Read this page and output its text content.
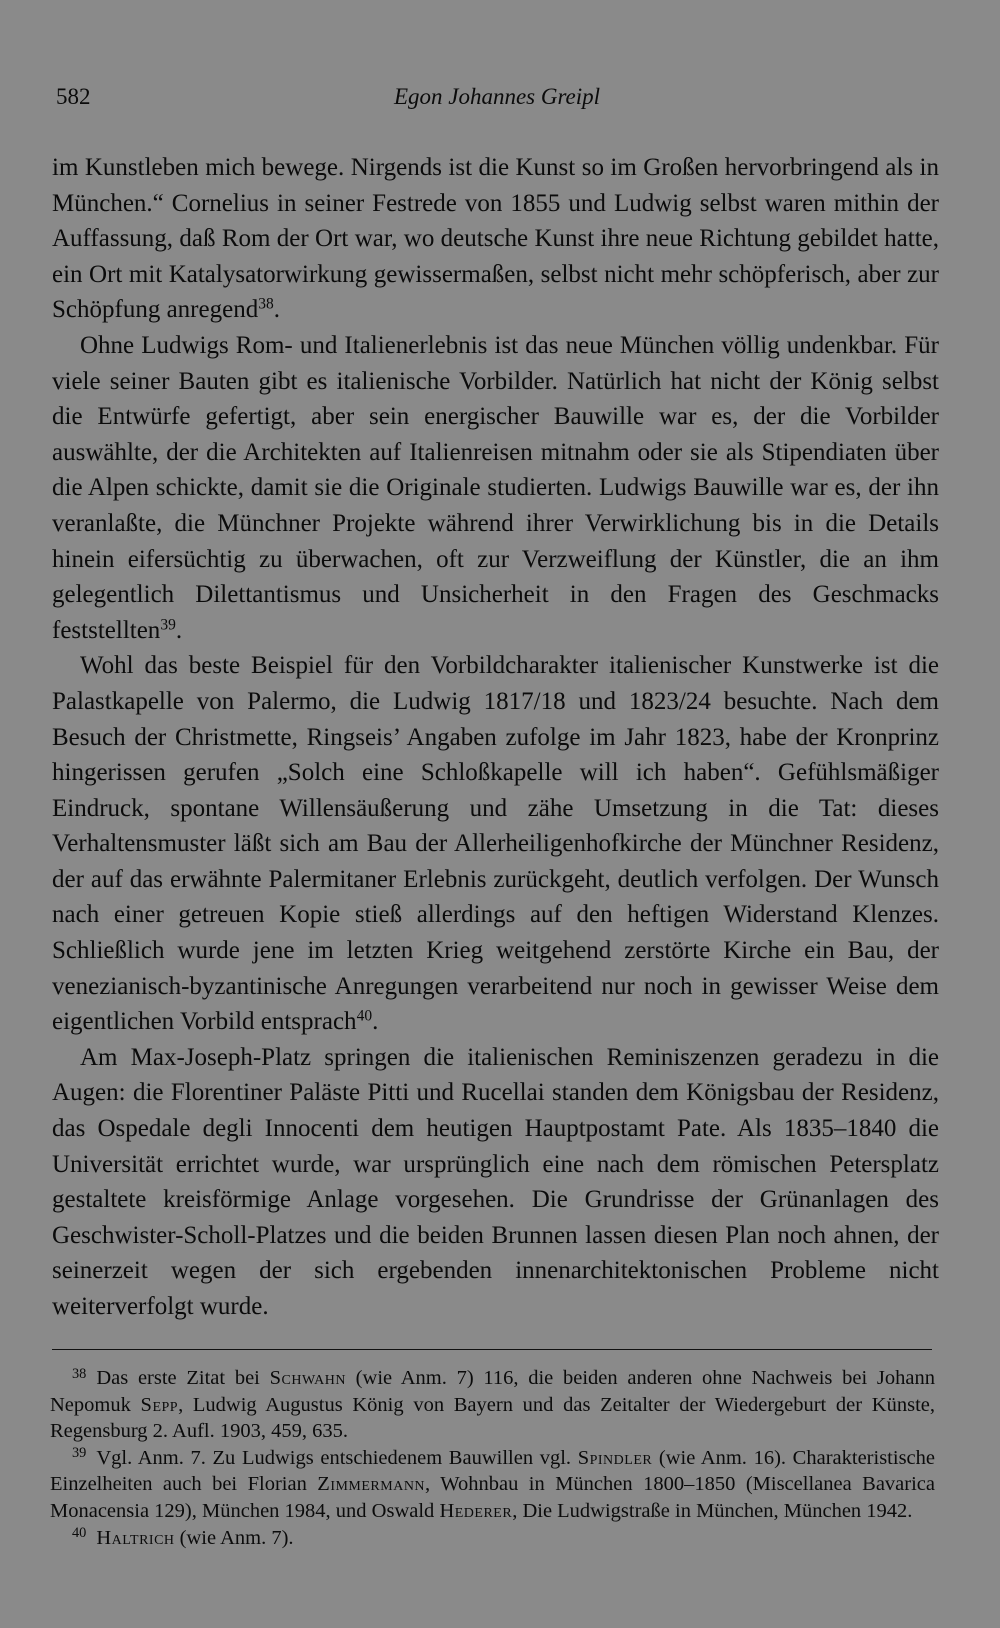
582	Egon Johannes Greipl

im Kunstleben mich bewege. Nirgends ist die Kunst so im Großen hervorbringend als in München.“ Cornelius in seiner Festrede von 1855 und Ludwig selbst waren mithin der Auffassung, daß Rom der Ort war, wo deutsche Kunst ihre neue Richtung gebildet hatte, ein Ort mit Katalysatorwirkung gewissermaßen, selbst nicht mehr schöpferisch, aber zur Schöpfung anregend$^{38}$.

Ohne Ludwigs Rom- und Italienerlebnis ist das neue München völlig undenkbar. Für viele seiner Bauten gibt es italienische Vorbilder. Natürlich hat nicht der König selbst die Entwürfe gefertigt, aber sein energischer Bauwille war es, der die Vorbilder auswählte, der die Architekten auf Italienreisen mitnahm oder sie als Stipendiaten über die Alpen schickte, damit sie die Originale studierten. Ludwigs Bauwille war es, der ihn veranlaßte, die Münchner Projekte während ihrer Verwirklichung bis in die Details hinein eifersüchtig zu überwachen, oft zur Verzweiflung der Künstler, die an ihm gelegentlich Dilettantismus und Unsicherheit in den Fragen des Geschmacks feststellten$^{39}$.

Wohl das beste Beispiel für den Vorbildcharakter italienischer Kunstwerke ist die Palastkapelle von Palermo, die Ludwig 1817/18 und 1823/24 besuchte. Nach dem Besuch der Christmette, Ringseis’ Angaben zufolge im Jahr 1823, habe der Kronprinz hingerissen gerufen „Solch eine Schloßkapelle will ich haben“. Gefühlsmäßiger Eindruck, spontane Willensäußerung und zähe Umsetzung in die Tat: dieses Verhaltensmuster läßt sich am Bau der Allerheiligenhofkirche der Münchner Residenz, der auf das erwähnte Palermitaner Erlebnis zurückgeht, deutlich verfolgen. Der Wunsch nach einer getreuen Kopie stieß allerdings auf den heftigen Widerstand Klenzes. Schließlich wurde jene im letzten Krieg weitgehend zerstörte Kirche ein Bau, der venezianisch-byzantinische Anregungen verarbeitend nur noch in gewisser Weise dem eigentlichen Vorbild entsprach$^{40}$.

Am Max-Joseph-Platz springen die italienischen Reminiszenzen geradezu in die Augen: die Florentiner Paläste Pitti und Rucellai standen dem Königsbau der Residenz, das Ospedale degli Innocenti dem heutigen Hauptpostamt Pate. Als 1835–1840 die Universität errichtet wurde, war ursprünglich eine nach dem römischen Petersplatz gestaltete kreisförmige Anlage vorgesehen. Die Grundrisse der Grünanlagen des Geschwister-Scholl-Platzes und die beiden Brunnen lassen diesen Plan noch ahnen, der seinerzeit wegen der sich ergebenden innenarchitektonischen Probleme nicht weiterverfolgt wurde.

$^{38}$ Das erste Zitat bei Schwahn (wie Anm. 7) 116, die beiden anderen ohne Nachweis bei Johann Nepomuk Sepp, Ludwig Augustus König von Bayern und das Zeitalter der Wiedergeburt der Künste, Regensburg 2. Aufl. 1903, 459, 635.

$^{39}$ Vgl. Anm. 7. Zu Ludwigs entschiedenem Bauwillen vgl. Spindler (wie Anm. 16). Charakteristische Einzelheiten auch bei Florian Zimmermann, Wohnbau in München 1800–1850 (Miscellanea Bavarica Monacensia 129), München 1984, und Oswald Hederer, Die Ludwigstraße in München, München 1942.

$^{40}$ Haltrich (wie Anm. 7).
